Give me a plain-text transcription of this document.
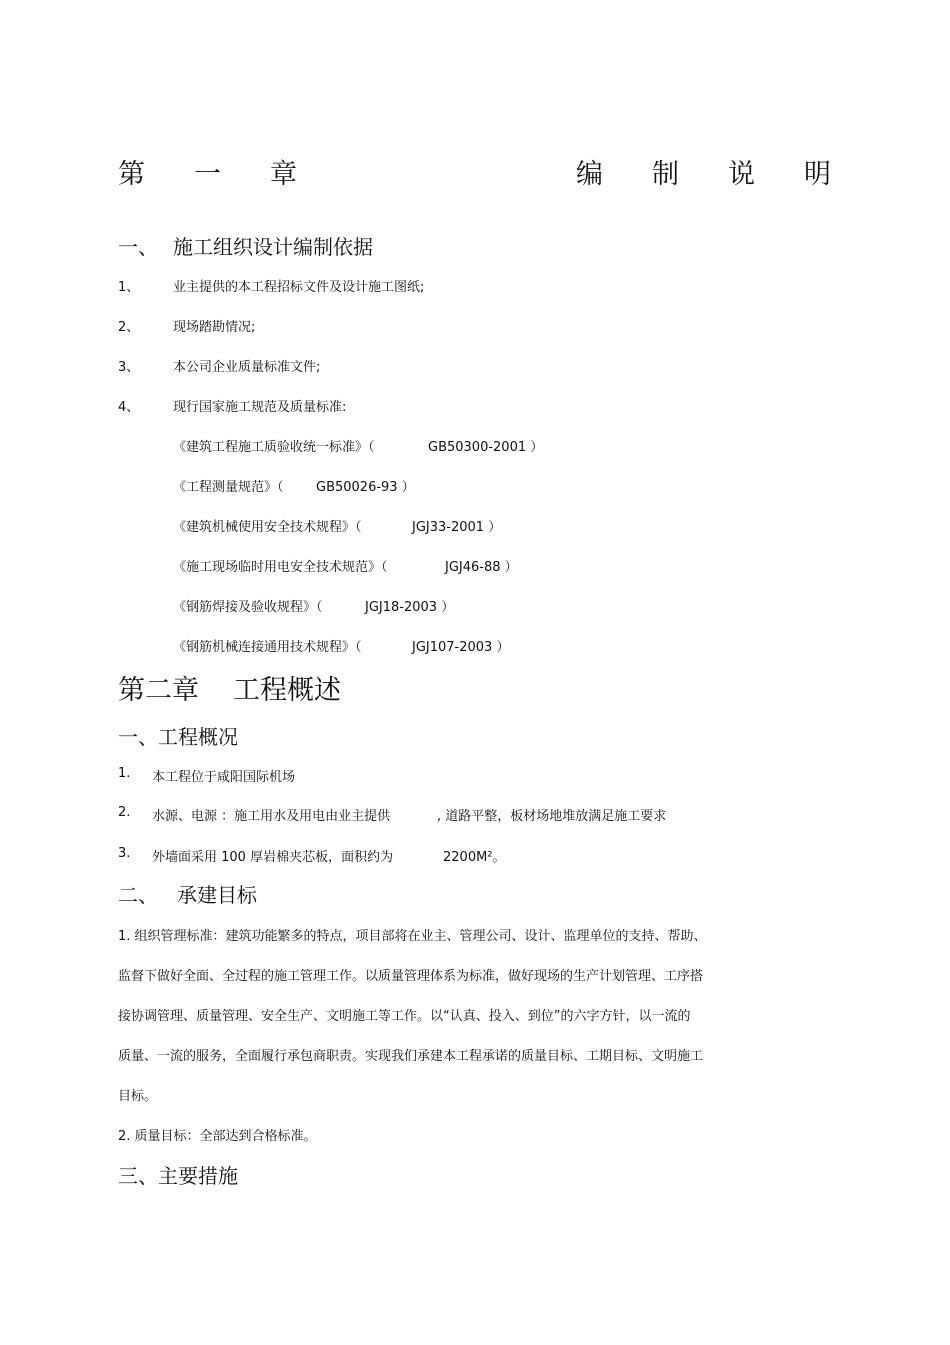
第 一 章	编 制 说 明
一、 施工组织设计编制依据
1、	业主提供的本工程招标文件及设计施工图纸;
2、	现场踏勘情况;
3、	本公司企业质量标准文件;
4、	现行国家施工规范及质量标准:
《建筑工程施工质验收统一标准》（	GB50300-2001 ）
《工程测量规范》（ GB50026-93 ）
《建筑机械使用安全技术规程》（	JGJ33-2001 ）
《施工现场临时用电安全技术规范》（	JGJ46-88 ）
《钢筋焊接及验收规程》（	JGJ18-2003 ）
《钢筋机械连接通用技术规程》（	JGJ107-2003 ）
第二章 工程概述
一、工程概况
1. 本工程位于咸阳国际机场
2. 水源、电源 ：施工用水及用电由业主提供	, 道路平整，板材场地堆放满足施工要求
3. 外墙面采用 100 厚岩棉夹芯板，面积约为	2200M²。
二、 承建目标
1. 组织管理标准：建筑功能繁多的特点，项目部将在业主、管理公司、设计、监理单位的支持、帮助、
监督下做好全面、全过程的施工管理工作。以质量管理体系为标准，做好现场的生产计划管理、工序搭
接协调管理、质量管理、安全生产、文明施工等工作。以“认真、投入、到位”的六字方针，以一流的
质量、一流的服务，全面履行承包商职责。实现我们承建本工程承诺的质量目标、工期目标、文明施工
目标。
2. 质量目标：全部达到合格标准。
三、主要措施
